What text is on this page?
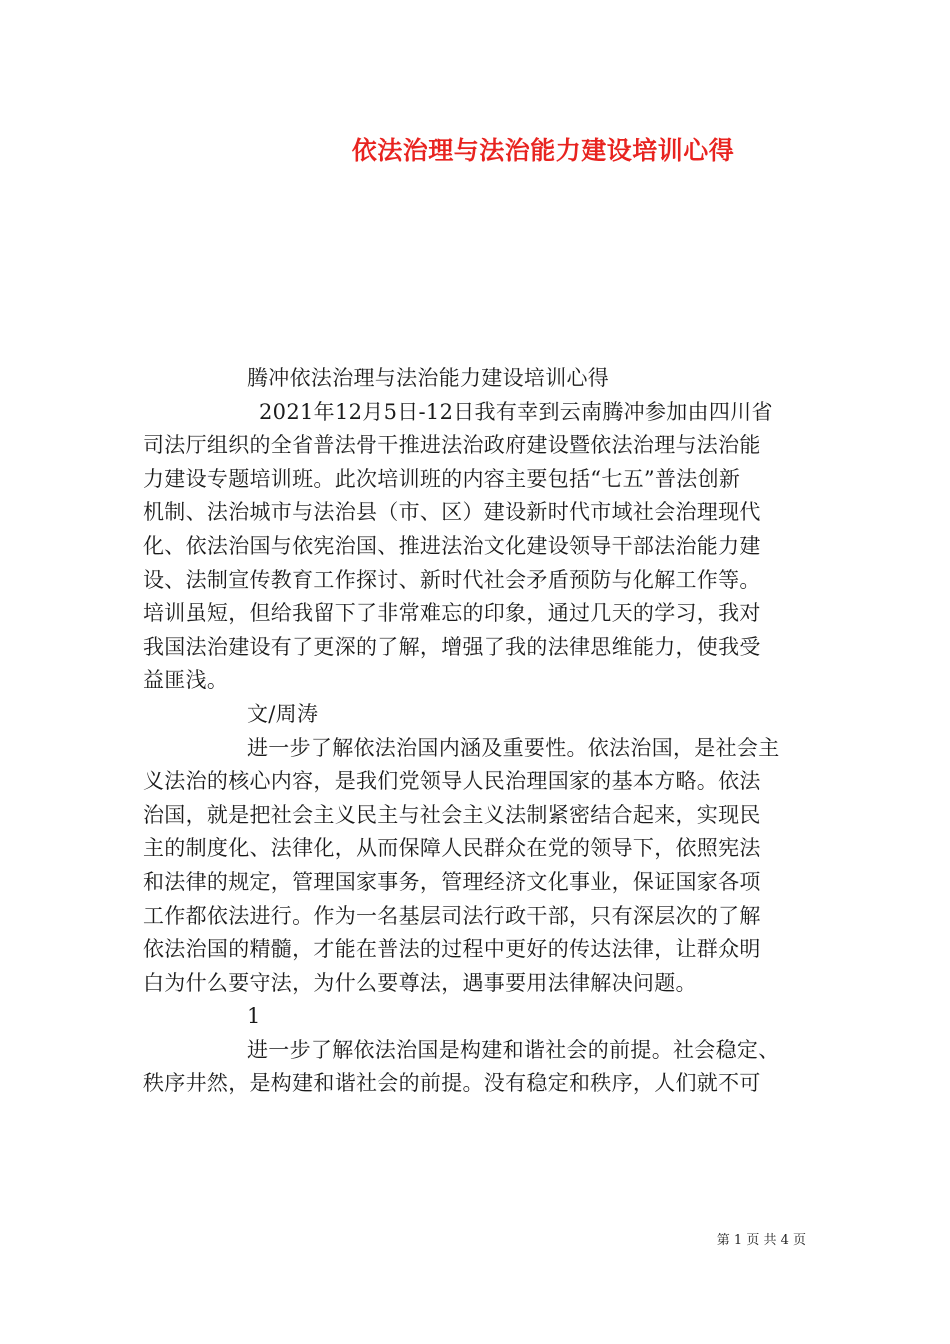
依法治理与法治能力建设培训心得
腾冲依法治理与法治能力建设培训心得
2021年12月5日-12日我有幸到云南腾冲参加由四川省
司法厅组织的全省普法骨干推进法治政府建设暨依法治理与法治能
力建设专题培训班。此次培训班的内容主要包括“七五”普法创新
机制、法治城市与法治县（市、区）建设新时代市域社会治理现代
化、依法治国与依宪治国、推进法治文化建设领导干部法治能力建
设、法制宣传教育工作探讨、新时代社会矛盾预防与化解工作等。
培训虽短，但给我留下了非常难忘的印象，通过几天的学习，我对
我国法治建设有了更深的了解，增强了我的法律思维能力，使我受
益匪浅。
文/周涛
进一步了解依法治国内涵及重要性。依法治国，是社会主
义法治的核心内容，是我们党领导人民治理国家的基本方略。依法
治国，就是把社会主义民主与社会主义法制紧密结合起来，实现民
主的制度化、法律化，从而保障人民群众在党的领导下，依照宪法
和法律的规定，管理国家事务，管理经济文化事业，保证国家各项
工作都依法进行。作为一名基层司法行政干部，只有深层次的了解
依法治国的精髓，才能在普法的过程中更好的传达法律，让群众明
白为什么要守法，为什么要尊法，遇事要用法律解决问题。
1
进一步了解依法治国是构建和谐社会的前提。社会稳定、
秩序井然，是构建和谐社会的前提。没有稳定和秩序，人们就不可
第 1 页 共 4 页
